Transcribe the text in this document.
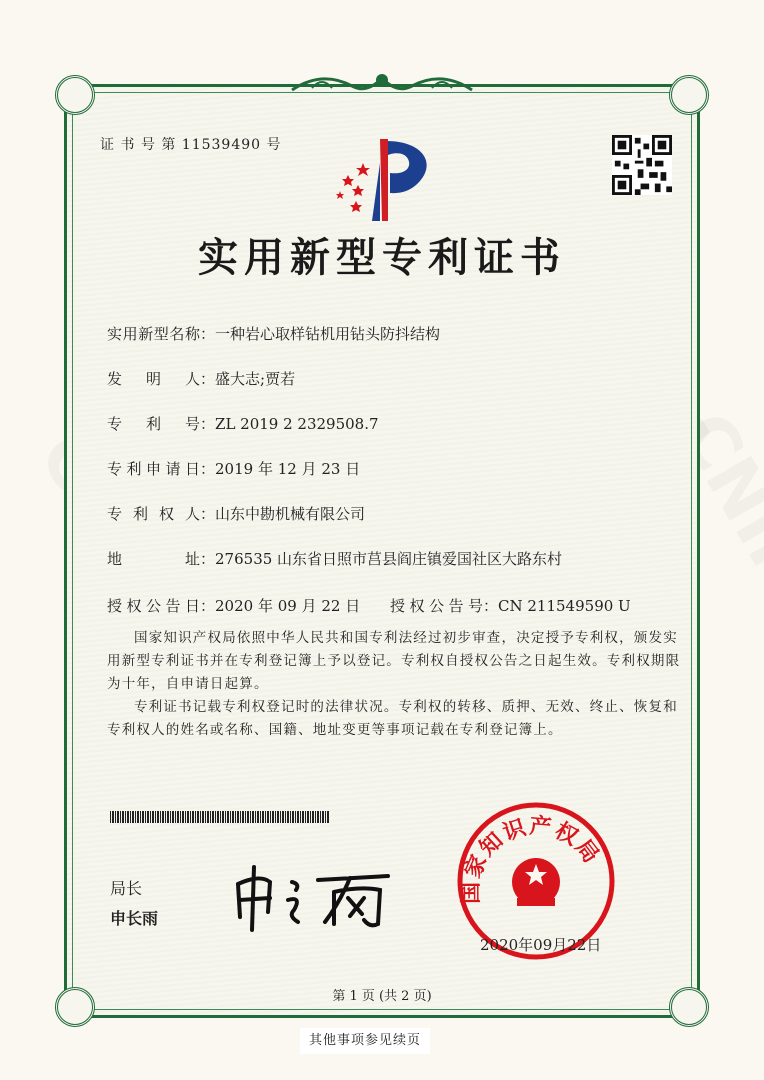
证 书 号 第 11539490 号
实用新型专利证书
实用新型名称：一种岩心取样钻机用钻头防抖结构
发明人：盛大志;贾若
专利号：ZL 2019 2 2329508.7
专利申请日：2019 年 12 月 23 日
专利权人：山东中勘机械有限公司
地址：276535 山东省日照市莒县阎庄镇爱国社区大路东村
授权公告日：2020 年 09 月 22 日 授权公告号：CN 211549590 U

国家知识产权局依照中华人民共和国专利法经过初步审查，决定授予专利权，颁发实用新型专利证书并在专利登记簿上予以登记。专利权自授权公告之日起生效。专利权期限为十年，自申请日起算。

专利证书记载专利权登记时的法律状况。专利权的转移、质押、无效、终止、恢复和专利权人的姓名或名称、国籍、地址变更等事项记载在专利登记簿上。

局长
申长雨
国家知识产权局
2020年09月22日
第 1 页 (共 2 页)
其他事项参见续页
